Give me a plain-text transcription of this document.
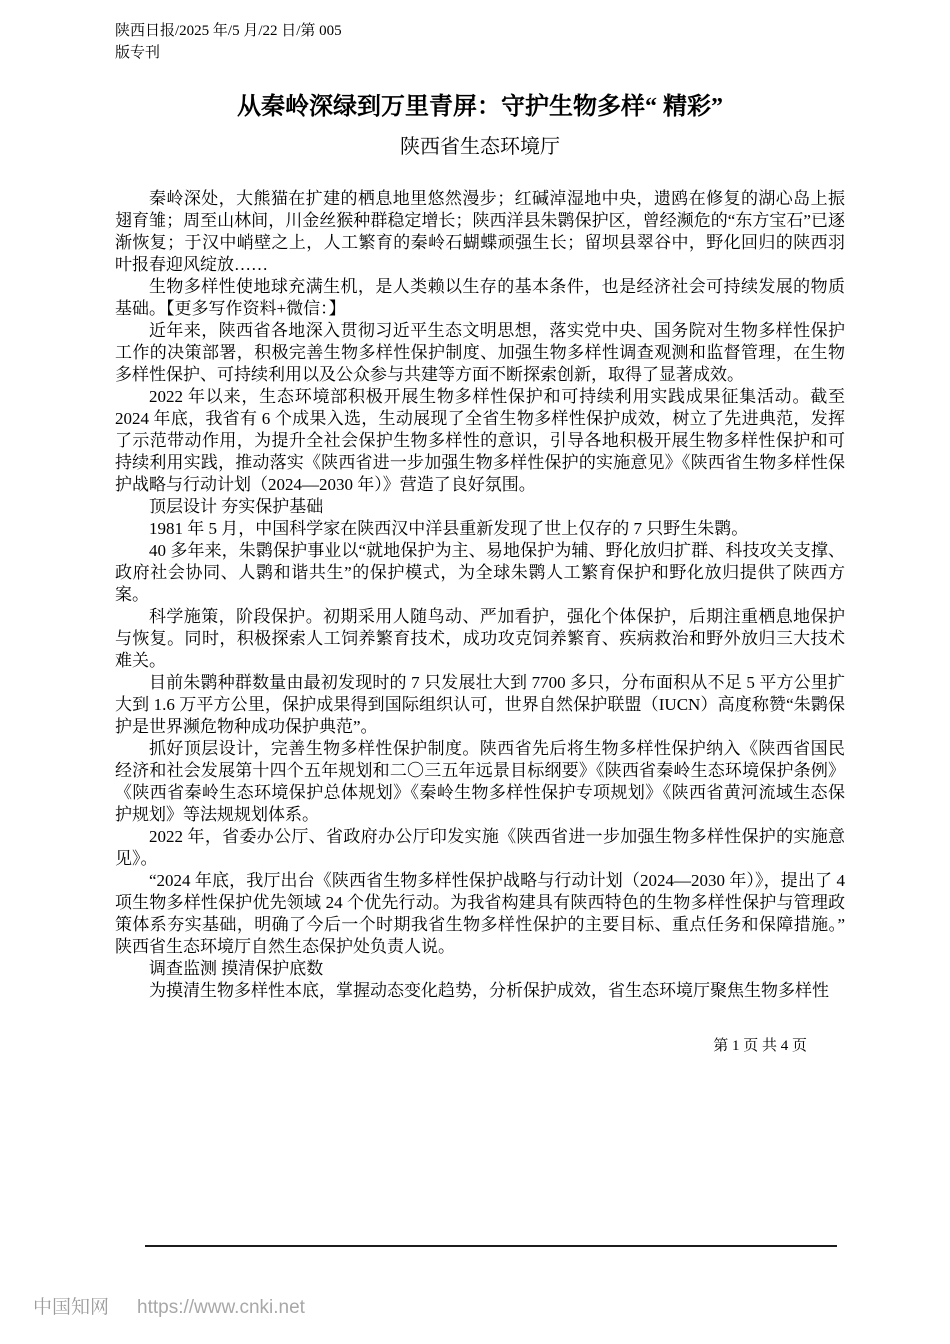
陕西日报/2025 年/5 月/22 日/第 005
版专刊
从秦岭深绿到万里青屏：守护生物多样“ 精彩”
陕西省生态环境厅

秦岭深处，大熊猫在扩建的栖息地里悠然漫步；红碱淖湿地中央，遗鸥在修复的湖心岛上振翅育雏；周至山林间，川金丝猴种群稳定增长；陕西洋县朱鹮保护区，曾经濒危的“东方宝石”已逐渐恢复；于汉中峭壁之上，人工繁育的秦岭石蝴蝶顽强生长；留坝县翠谷中，野化回归的陕西羽叶报春迎风绽放……

生物多样性使地球充满生机，是人类赖以生存的基本条件，也是经济社会可持续发展的物质基础。【更多写作资料+微信：】

近年来，陕西省各地深入贯彻习近平生态文明思想，落实党中央、国务院对生物多样性保护工作的决策部署，积极完善生物多样性保护制度、加强生物多样性调查观测和监督管理，在生物多样性保护、可持续利用以及公众参与共建等方面不断探索创新，取得了显著成效。

2022 年以来，生态环境部积极开展生物多样性保护和可持续利用实践成果征集活动。截至 2024 年底，我省有 6 个成果入选，生动展现了全省生物多样性保护成效，树立了先进典范，发挥了示范带动作用，为提升全社会保护生物多样性的意识，引导各地积极开展生物多样性保护和可持续利用实践，推动落实《陕西省进一步加强生物多样性保护的实施意见》《陕西省生物多样性保护战略与行动计划（2024—2030 年）》营造了良好氛围。

顶层设计 夯实保护基础

1981 年 5 月，中国科学家在陕西汉中洋县重新发现了世上仅存的 7 只野生朱鹮。

40 多年来，朱鹮保护事业以“就地保护为主、易地保护为辅、野化放归扩群、科技攻关支撑、政府社会协同、人鹮和谐共生”的保护模式，为全球朱鹮人工繁育保护和野化放归提供了陕西方案。

科学施策，阶段保护。初期采用人随鸟动、严加看护，强化个体保护，后期注重栖息地保护与恢复。同时，积极探索人工饲养繁育技术，成功攻克饲养繁育、疾病救治和野外放归三大技术难关。

目前朱鹮种群数量由最初发现时的 7 只发展壮大到 7700 多只，分布面积从不足 5 平方公里扩大到 1.6 万平方公里，保护成果得到国际组织认可，世界自然保护联盟（IUCN）高度称赞“朱鹮保护是世界濒危物种成功保护典范”。

抓好顶层设计，完善生物多样性保护制度。陕西省先后将生物多样性保护纳入《陕西省国民经济和社会发展第十四个五年规划和二〇三五年远景目标纲要》《陕西省秦岭生态环境保护条例》《陕西省秦岭生态环境保护总体规划》《秦岭生物多样性保护专项规划》《陕西省黄河流域生态保护规划》等法规规划体系。

2022 年，省委办公厅、省政府办公厅印发实施《陕西省进一步加强生物多样性保护的实施意见》。

“2024 年底，我厅出台《陕西省生物多样性保护战略与行动计划（2024—2030 年）》，提出了 4 项生物多样性保护优先领域 24 个优先行动。为我省构建具有陕西特色的生物多样性保护与管理政策体系夯实基础，明确了今后一个时期我省生物多样性保护的主要目标、重点任务和保障措施。”陕西省生态环境厅自然生态保护处负责人说。

调查监测 摸清保护底数

为摸清生物多样性本底，掌握动态变化趋势，分析保护成效，省生态环境厅聚焦生物多样性

第 1 页 共 4 页
中国知网 https://www.cnki.net
